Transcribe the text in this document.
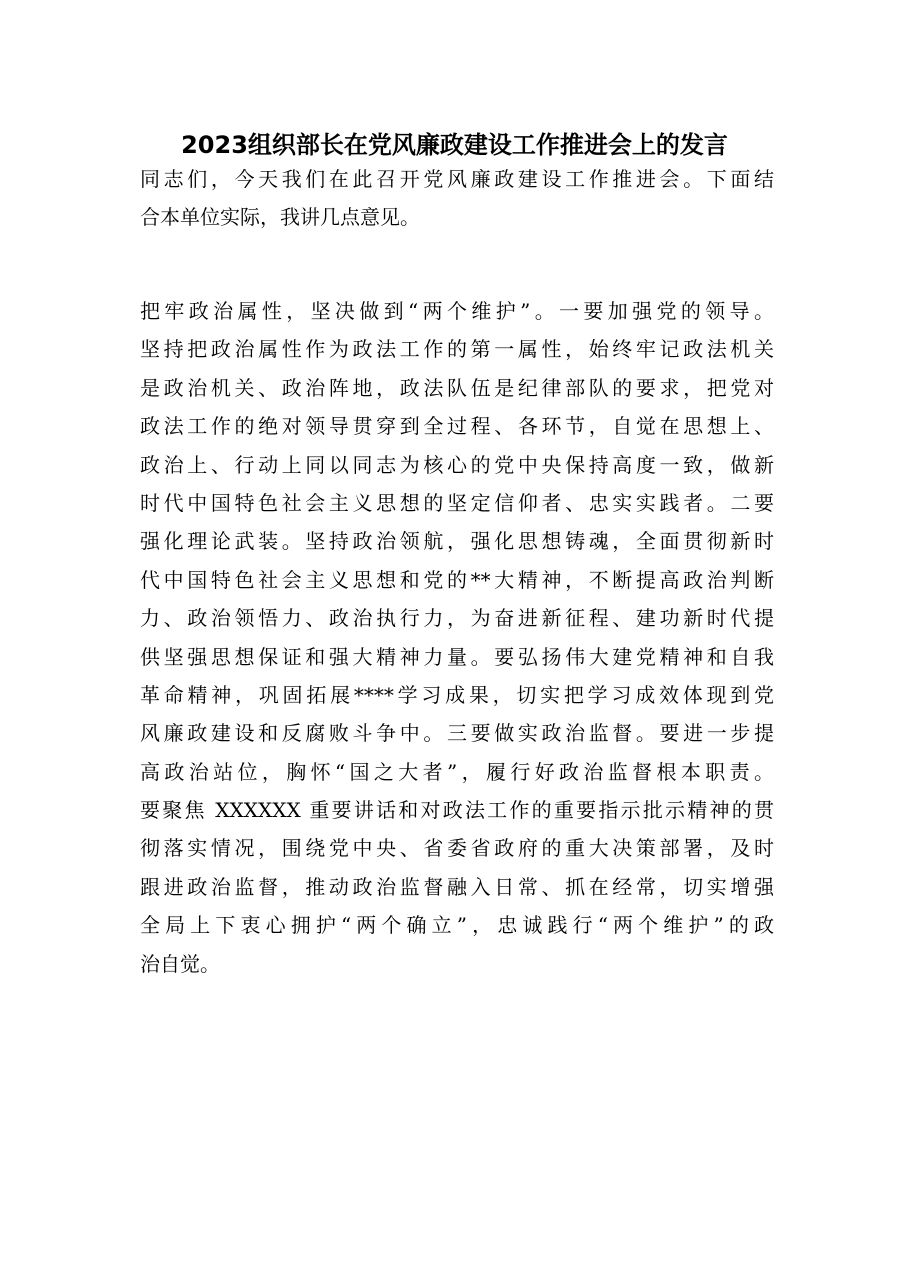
2023组织部长在党风廉政建设工作推进会上的发言
同志们，今天我们在此召开党风廉政建设工作推进会。下面结
合本单位实际，我讲几点意见。
把牢政治属性，坚决做到“两个维护”。一要加强党的领导。
坚持把政治属性作为政法工作的第一属性，始终牢记政法机关
是政治机关、政治阵地，政法队伍是纪律部队的要求，把党对
政法工作的绝对领导贯穿到全过程、各环节，自觉在思想上、
政治上、行动上同以同志为核心的党中央保持高度一致，做新
时代中国特色社会主义思想的坚定信仰者、忠实实践者。二要
强化理论武装。坚持政治领航，强化思想铸魂，全面贯彻新时
代中国特色社会主义思想和党的**大精神，不断提高政治判断
力、政治领悟力、政治执行力，为奋进新征程、建功新时代提
供坚强思想保证和强大精神力量。要弘扬伟大建党精神和自我
革命精神，巩固拓展****学习成果，切实把学习成效体现到党
风廉政建设和反腐败斗争中。三要做实政治监督。要进一步提
高政治站位，胸怀“国之大者”，履行好政治监督根本职责。
要聚焦 XXXXXX 重要讲话和对政法工作的重要指示批示精神的贯
彻落实情况，围绕党中央、省委省政府的重大决策部署，及时
跟进政治监督，推动政治监督融入日常、抓在经常，切实增强
全局上下衷心拥护“两个确立”，忠诚践行“两个维护”的政
治自觉。
